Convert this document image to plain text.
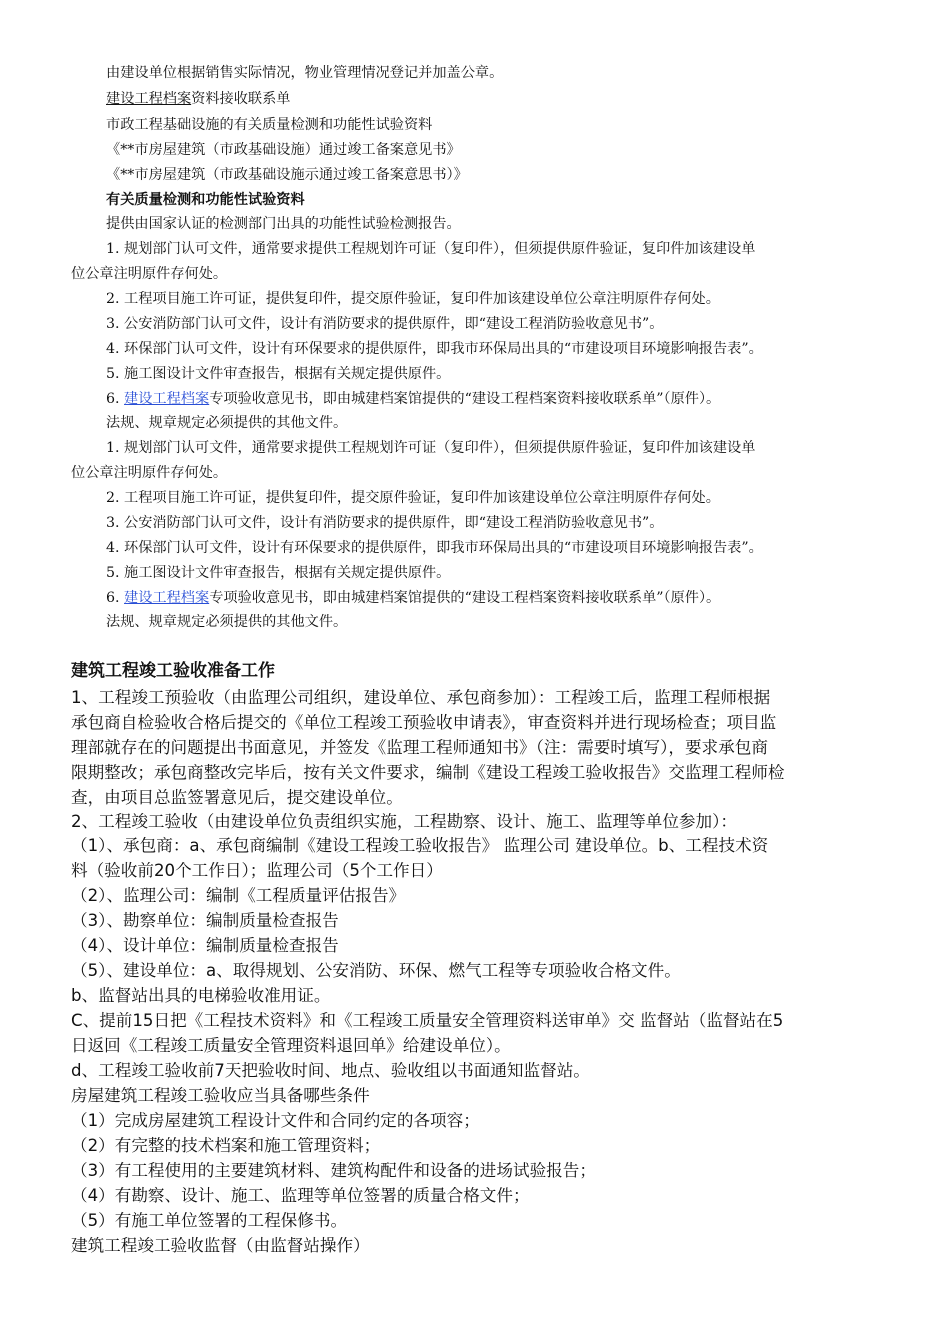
由建设单位根据销售实际情况，物业管理情况登记并加盖公章。
建设工程档案资料接收联系单
市政工程基础设施的有关质量检测和功能性试验资料
《**市房屋建筑（市政基础设施）通过竣工备案意见书》
《**市房屋建筑（市政基础设施示通过竣工备案意思书）》
有关质量检测和功能性试验资料
提供由国家认证的检测部门出具的功能性试验检测报告。
1. 规划部门认可文件，通常要求提供工程规划许可证（复印件），但须提供原件验证，复印件加该建设单
位公章注明原件存何处。
2. 工程项目施工许可证，提供复印件，提交原件验证，复印件加该建设单位公章注明原件存何处。
3. 公安消防部门认可文件，设计有消防要求的提供原件，即“建设工程消防验收意见书”。
4. 环保部门认可文件，设计有环保要求的提供原件，即我市环保局出具的“市建设项目环境影响报告表”。
5. 施工图设计文件审查报告，根据有关规定提供原件。
6. 建设工程档案专项验收意见书，即由城建档案馆提供的“建设工程档案资料接收联系单”（原件）。
法规、规章规定必须提供的其他文件。
1. 规划部门认可文件，通常要求提供工程规划许可证（复印件），但须提供原件验证，复印件加该建设单
位公章注明原件存何处。
2. 工程项目施工许可证，提供复印件，提交原件验证，复印件加该建设单位公章注明原件存何处。
3. 公安消防部门认可文件，设计有消防要求的提供原件，即“建设工程消防验收意见书”。
4. 环保部门认可文件，设计有环保要求的提供原件，即我市环保局出具的“市建设项目环境影响报告表”。
5. 施工图设计文件审查报告，根据有关规定提供原件。
6. 建设工程档案专项验收意见书，即由城建档案馆提供的“建设工程档案资料接收联系单”（原件）。
法规、规章规定必须提供的其他文件。
建筑工程竣工验收准备工作
1、工程竣工预验收（由监理公司组织，建设单位、承包商参加）：工程竣工后，监理工程师根据
承包商自检验收合格后提交的《单位工程竣工预验收申请表》，审查资料并进行现场检查；项目监
理部就存在的问题提出书面意见，并签发《监理工程师通知书》（注：需要时填写），要求承包商
限期整改；承包商整改完毕后，按有关文件要求，编制《建设工程竣工验收报告》交监理工程师检
查，由项目总监签署意见后，提交建设单位。
2、工程竣工验收（由建设单位负责组织实施，工程勘察、设计、施工、监理等单位参加）：
（1）、承包商：a、承包商编制《建设工程竣工验收报告》 监理公司 建设单位。b、工程技术资
料（验收前20个工作日）；监理公司（5个工作日）
（2）、监理公司：编制《工程质量评估报告》
（3）、勘察单位：编制质量检查报告
（4）、设计单位：编制质量检查报告
（5）、建设单位：a、取得规划、公安消防、环保、燃气工程等专项验收合格文件。
b、监督站出具的电梯验收准用证。
C、提前15日把《工程技术资料》和《工程竣工质量安全管理资料送审单》交 监督站（监督站在5
日返回《工程竣工质量安全管理资料退回单》给建设单位）。
d、工程竣工验收前7天把验收时间、地点、验收组以书面通知监督站。
房屋建筑工程竣工验收应当具备哪些条件
（1）完成房屋建筑工程设计文件和合同约定的各项容；
（2）有完整的技术档案和施工管理资料；
（3）有工程使用的主要建筑材料、建筑构配件和设备的进场试验报告；
（4）有勘察、设计、施工、监理等单位签署的质量合格文件；
（5）有施工单位签署的工程保修书。
建筑工程竣工验收监督（由监督站操作）
